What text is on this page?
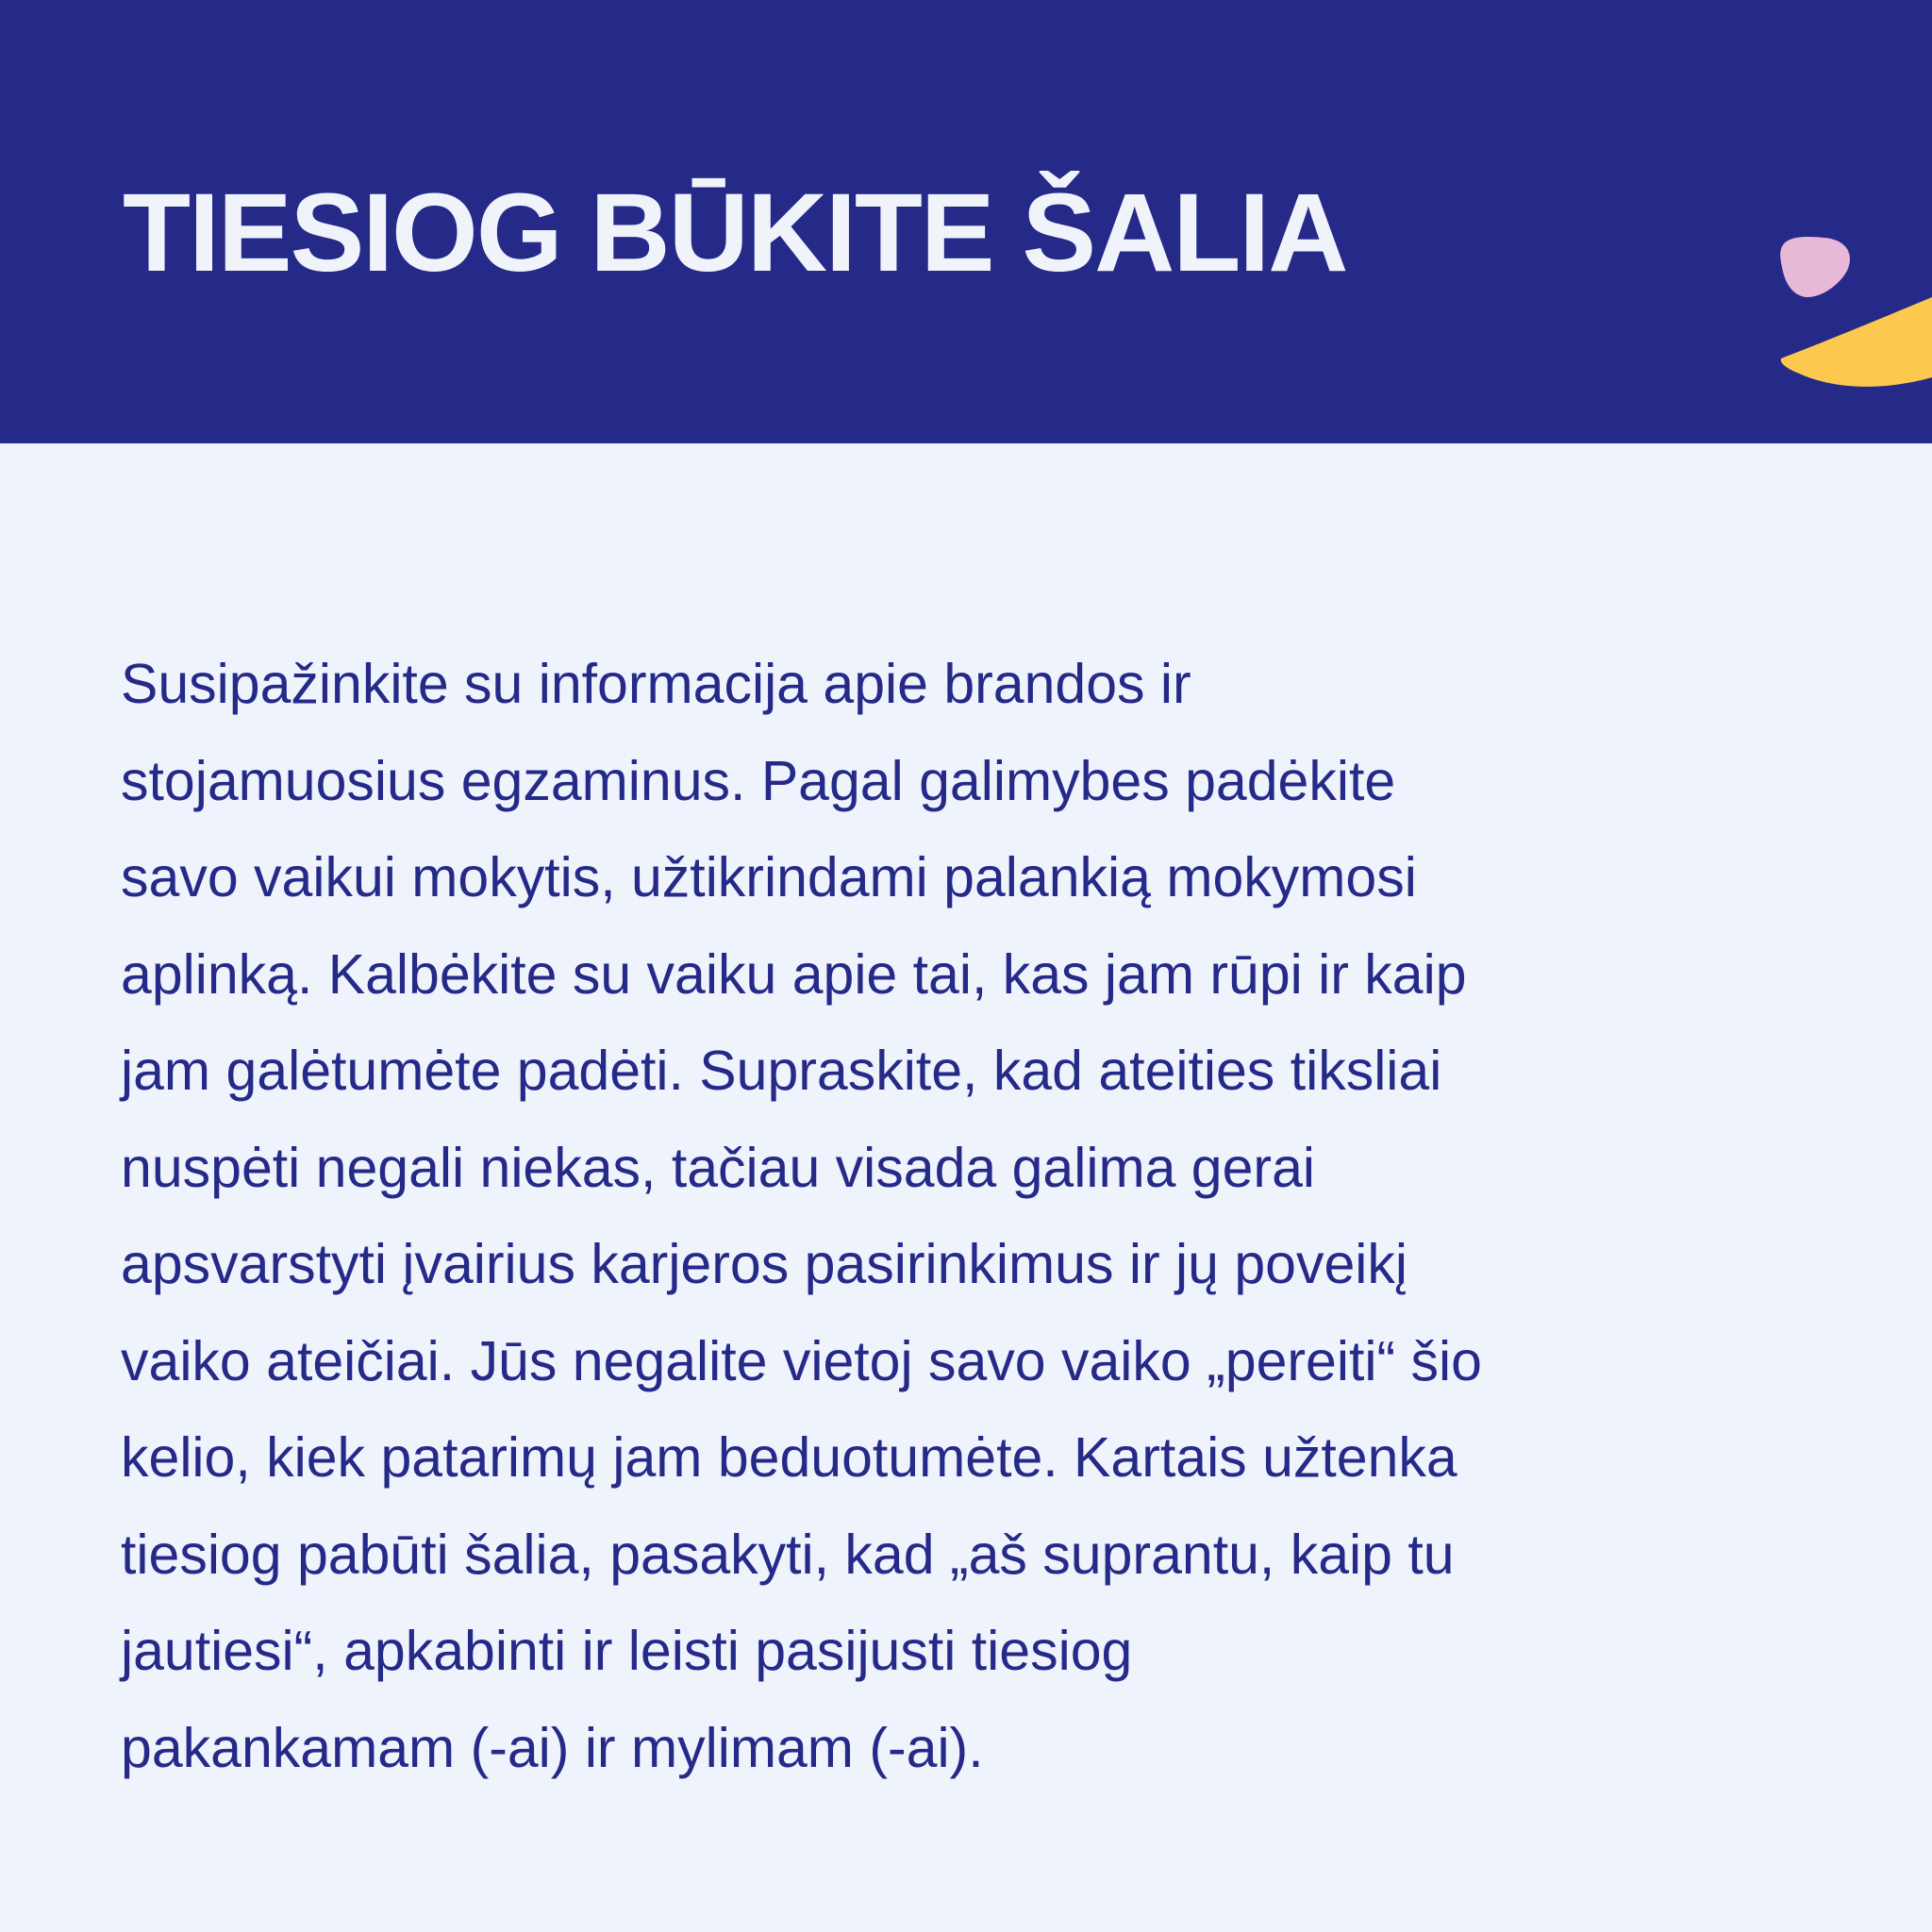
TIESIOG BŪKITE ŠALIA

Susipažinkite su informacija apie brandos ir
stojamuosius egzaminus. Pagal galimybes padėkite
savo vaikui mokytis, užtikrindami palankią mokymosi
aplinką. Kalbėkite su vaiku apie tai, kas jam rūpi ir kaip
jam galėtumėte padėti. Supraskite, kad ateities tiksliai
nuspėti negali niekas, tačiau visada galima gerai
apsvarstyti įvairius karjeros pasirinkimus ir jų poveikį
vaiko ateičiai. Jūs negalite vietoj savo vaiko „pereiti“ šio
kelio, kiek patarimų jam beduotumėte. Kartais užtenka
tiesiog pabūti šalia, pasakyti, kad „aš suprantu, kaip tu
jautiesi“, apkabinti ir leisti pasijusti tiesiog
pakankamam (-ai) ir mylimam (-ai).
